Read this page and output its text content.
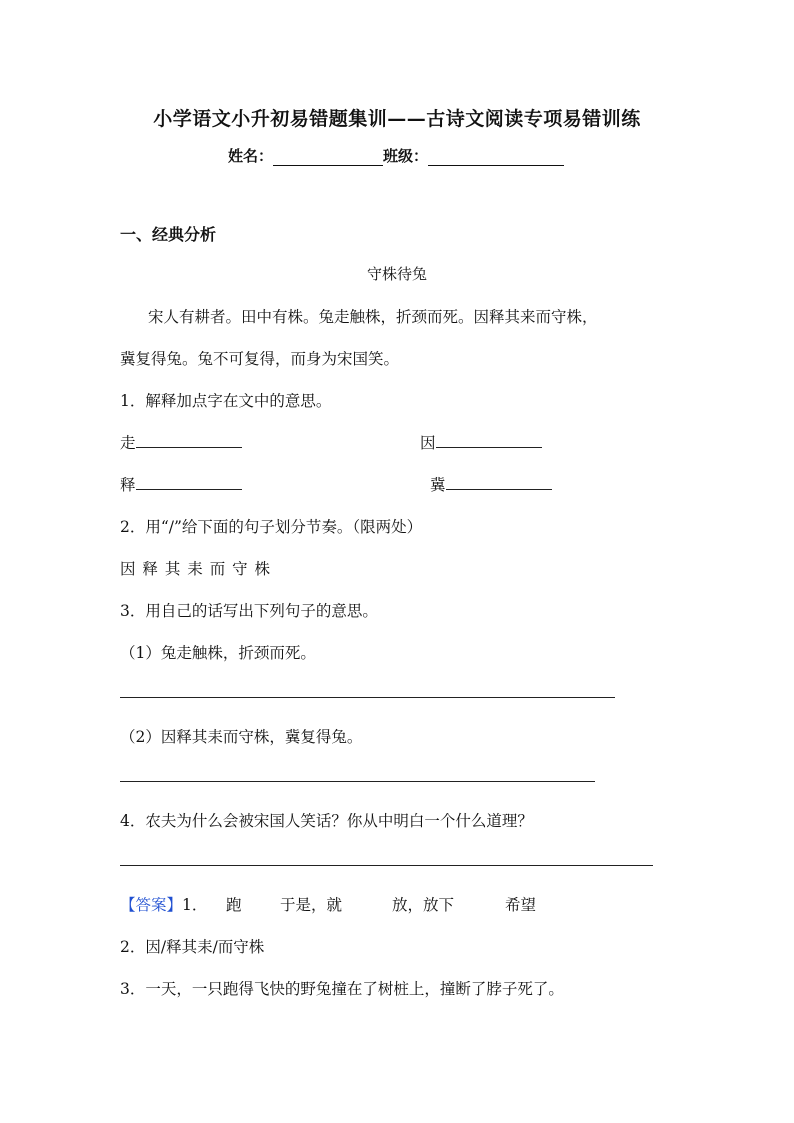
小学语文小升初易错题集训——古诗文阅读专项易错训练
姓名：	班级：
一、经典分析
守株待兔
宋人有耕者。田中有株。兔走触株，折颈而死。因释其来而守株，
冀复得兔。兔不可复得，而身为宋国笑。
1．解释加点字在文中的意思。
走	因
释	冀
2．用“/”给下面的句子划分节奏。（限两处）
因 释 其 耒 而 守 株
3．用自己的话写出下列句子的意思。
（1）兔走触株，折颈而死。
（2）因释其耒而守株，冀复得兔。
4．农夫为什么会被宋国人笑话？你从中明白一个什么道理？
【答案】1． 跑 于是，就	放，放下	希望
2．因/释其耒/而守株
3．一天，一只跑得飞快的野兔撞在了树桩上，撞断了脖子死了。
